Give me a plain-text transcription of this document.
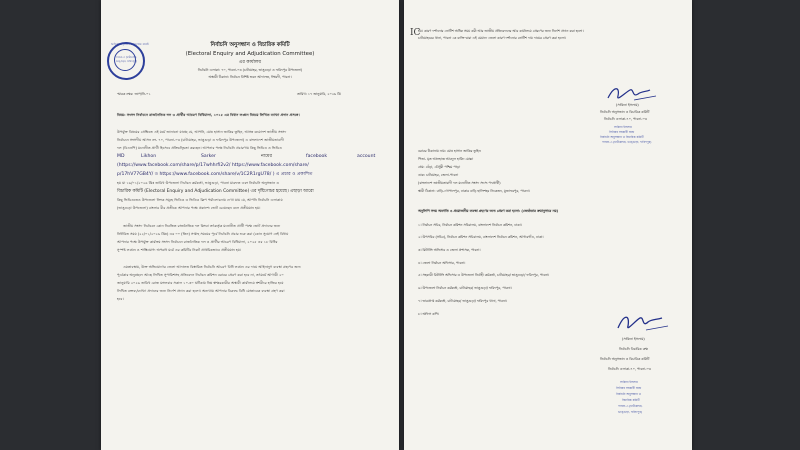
নির্বাচনি অনুসন্ধান ও বিচারিক কমিটি
পাবনা-৩ (চাটমোহর,
ভাঙ্গুড়া, ফরিদপুর)
নির্বাচনি অনুসন্ধান ও বিচারিক কমিটি
(Electoral Enquiry and Adjudication Committee)
এর কার্যালয়
নির্বাচনি এলাকা: ৭০, পাবনা-০৩ (চাটমোহর, ভাঙ্গুড়া ও ফরিদপুর উপজেলা)
অস্থায়ী ঠিকানা: নির্বাচন বিশিষ্ট ভবন আদালত, ঈশ্বরদী, পাবনা।
স্মারক নম্বর: জাপ/নি-০১	তারিখ: ১৭ জানুয়ারি, ২০২৬ খ্রি
বিষয়: সংসদ নির্বাচনে রাজনৈতিক দল ও প্রার্থীর আচরণ বিধিমালা, ২০২৫ এর বিধান লঙ্ঘন বিষয়ে লিখিত ব্যাখ্যা প্রদান প্রসঙ্গে।
উপর্যুক্ত বিষয়ের প্রেক্ষিতে এই মর্মে জানানো যাচ্ছে যে, আপনি, মোঃ হাসান জাকির তুহিন, আসন্ন ত্রয়োদশ জাতীয় সংসদ
নির্বাচনে সংসদীয় আসন নং- ৭০, পাবনা-০৩ (চাটমোহর, ভাঙ্গুড়া ও ফরিদপুর উপজেলা) এ বাংলাদেশ জাতীয়তাবাদী
দল (বিএনপি) মনোনীত প্রার্থী হিসেবে প্রতিদ্বন্দ্বিতা করছেন। আপনার পক্ষে নির্বাচনি প্রচারণায় কিছু ভিডিও ও ভিডিও
MD	Likhon	Sarker	নামের	facebook	account
(https://www.facebook.com/share/p/17whhrfi2v2/ https://www.facebook.com/share/
p/17hV77GB4Y/ ও https://www.facebook.com/share/v/1C2R1rgU78/ ) এ প্রচার ও প্রকাশিত
হয় যা ১৬/০১/২০২৬ খ্রিঃ তারিখ উপজেলা নির্বাচন কর্মকর্তা, ভাঙ্গুড়া, পাবনা মারফত এবং নির্বাচনি অনুসন্ধান ও
বিচারিক কমিটি (Electoral Enquiry and Adjudication Committee) এর দৃষ্টিগোচর হয়েছে। এছাড়া আরো
কিছু ভিডিওতেও উপজেলা লিংক সমূহে ভিডিও ও ভিডিও ক্লিপ পর্যালোচনায় দেখা যায় যে, আপনি নির্বাচনি এলাকায়
(ভাঙ্গুড়া উপজেলা) বাংলার বীর প্রতীকে আপনার পক্ষে প্রকাশ্যে ভোট চেয়েছেন বলে প্রতীয়মান হয়।
জাতীয় সংসদ নির্বাচনে কোন নিবন্ধিত রাজনৈতিক দল কিংবা তৎকর্তৃক মনোনীত প্রার্থী পক্ষে ভোট প্রদানের জন্য
নির্ধারিত সময় (২২/০১/২০২৬ খ্রিঃ) এর ০০ (তিন) সপ্তাহ সময়ের পূর্বে নির্বাচনি প্রচার শুরু করা (কোন সুযোগ নেই বিধায়
আপনার পক্ষে উপর্যুক্ত কার্যক্রম সংসদ নির্বাচনে রাজনৈতিক দল ও প্রার্থীর আচরণ বিধিমালা, ২০২৫ এর ১৮ বিধির
সুস্পষ্ট লঙ্ঘন ও শাস্তিযোগ্য অপরাধ মর্মে এর কমিটির নিকট প্রাথমিকভাবে প্রতীয়মান হয়।
এমতাবস্থায়, উক্ত অভিযোগের জেলা আদালত বিস্তারিত নির্বাচনি আচরণ বিধি লঙ্ঘন এর দায়ে আইনানুগ ব্যবস্থা গ্রহণের জন্য
পূর্বেকার অনুচ্ছেদে আছে লিখিত সুপারিশসহ প্রতিবেদন নির্বাচন কমিশন বরাবর প্রেরণ করা হবে না, তৎমর্মে আগামী ২০
জানুয়ারি ২০২৬ তারিখ রোজ মঙ্গলবার সকাল ১০.৩০ ঘটিকায় নিম্ন স্বাক্ষরকারীর অস্থায়ী কার্যালয়ে স্বশরীরে হাজির হয়ে
লিখিত বক্তব্য/ব্যাখ্যা প্রদানের জন্য নির্দেশ প্রদান করা হলো। অন্যথায় আপনার বিরুদ্ধে বিধি মোতাবেক ব্যবস্থা গ্রহণ করা
হবে।
IC
হয়। কারণ দর্শানোর নোটিশ অধিক সময় করী আর জাতীয় প্রতিবেদনের আর কার্যালয়ে প্রেরণের জন্য নির্দেশ প্রদান করা হলো।
চাটমোহরের থানা, পাবনা কে ব্যক্তি দ্বারা এই মেয়াদে জেলা কারণ দর্শানোর নোটিশ দায় দায়ের প্রেরণ করা হলো।
(সাকিনা ইসলাম)
নির্বাচনি অনুসন্ধান ও বিচারিক কমিটি
নির্বাচনি এলাকা-৭০, পাবনা-০৩
সাকিনা ইসলাম
সিনিয়র সহকারী জজ
নির্বাচনি অনুসন্ধান ও বিচারিক কমিটি
পাবনা-৩ (চাটমোহর, ভাঙ্গুড়া, ফরিদপুর)
বরাবর ঠিকানায় নাম: মোঃ হাসান জাকির তুহিন
পিতা- মৃত আলহাজ্ব আবদুল হামিদ মোল্লা
গ্রাম: বেঁড়া, চৌধুরী পশ্চিম পাড়া
ডাক: চাটমোহর, জেলা-পাবনা
(বাংলাদেশ জাতীয়তাবাদী দল মনোনীত সংসদ সদস্য পদপ্রার্থী)
স্থায়ী ঠিকানা: বাড়ি-গোপালপুর, ঢাকার বাড়ি হালিশহর নিকেতন, মুজাফরপুর, পাবনা।
অনুলিপি সদয় অবগতি ও প্রয়োজনীয় ব্যবস্থা গ্রহণের জন্য প্রেরণ করা হলো: (জ্যেষ্ঠতার ক্রমানুসারে নয়)
১। নির্বাচন সচিব, নির্বাচন কমিশন সচিবালয়, বাংলাদেশ নির্বাচন কমিশন, ঢাকা।
২। উপসচিব (সচিব), নির্বাচন কমিশন সচিবালয়, বাংলাদেশ নির্বাচন কমিশন, আগারগাঁও, ঢাকা।
৩। রিটার্নিং অফিসার ও জেলা প্রশাসক, পাবনা।
৪। জেলা নির্বাচন অফিসার, পাবনা।
৫। সহকারী রিটার্নিং অফিসার ও উপজেলা নির্বাহী কর্মকর্তা, চাটমোহর/ ভাঙ্গুড়া/ ফরিদপুর, পাবনা।
৬। উপজেলা নির্বাচন কর্মকর্তা, চাটমোহর/ ভাঙ্গুড়া/ ফরিদপুর, পাবনা।
৭। ভারপ্রাপ্ত কর্মকর্তা, চাটমোহর/ ভাঙ্গুড়া/ ফরিদপুর থানা, পাবনা।
৮। অফিস কপি।
(সাকিনা ইসলাম)
নির্বাচনি বিচারিক কক্ষ
নির্বাচনি অনুসন্ধান ও বিচারিক কমিটি
নির্বাচনি এলাকা-৭০, পাবনা-০৩
সাকিনা ইসলাম
সিনিয়র সহকারী জজ
নির্বাচনি অনুসন্ধান ও
বিচারিক কমিটি
পাবনা-৩ (চাটমোহর,
ভাঙ্গুড়া, ফরিদপুর)
